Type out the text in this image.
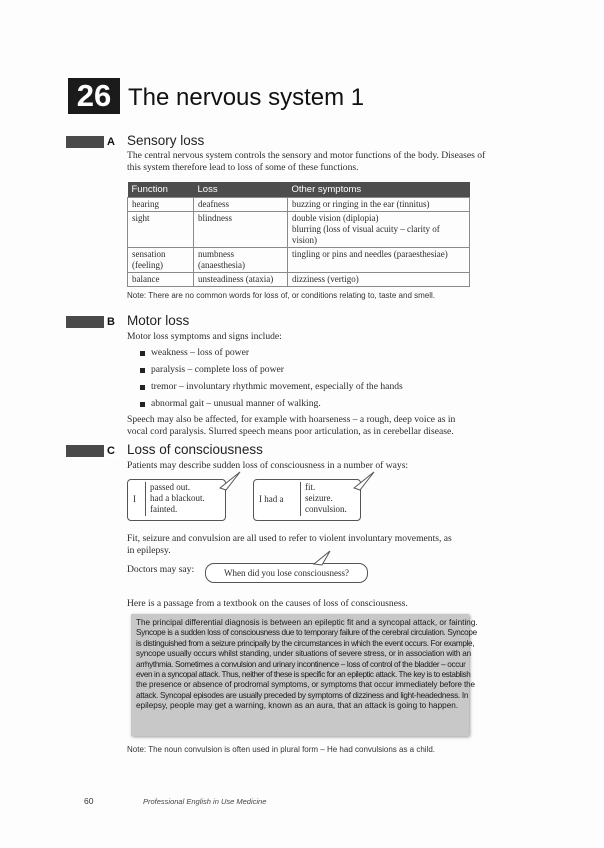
26 The nervous system 1
A Sensory loss
The central nervous system controls the sensory and motor functions of the body. Diseases of
this system therefore lead to loss of some of these functions.
Function	Loss	Other symptoms
hearing	deafness	buzzing or ringing in the ear (tinnitus)
sight	blindness	double vision (diplopia)
blurring (loss of visual acuity – clarity of vision)

sensation (feeling)	numbness (anaesthesia)	tingling or pins and needles (paraesthesiae)
balance	unsteadiness (ataxia)	dizziness (vertigo)
Note: There are no common words for loss of, or conditions relating to, taste and smell.
B Motor loss
Motor loss symptoms and signs include:
weakness – loss of power
paralysis – complete loss of power
tremor – involuntary rhythmic movement, especially of the hands
abnormal gait – unusual manner of walking.
Speech may also be affected, for example with hoarseness – a rough, deep voice as in
vocal cord paralysis. Slurred speech means poor articulation, as in cerebellar disease.
C Loss of consciousness
Patients may describe sudden loss of consciousness in a number of ways:
I
passed out.
had a blackout.
fainted.
I had a
fit.
seizure.
convulsion.
Fit, seizure and convulsion are all used to refer to violent involuntary movements, as
in epilepsy.
Doctors may say:	When did you lose consciousness?
Here is a passage from a textbook on the causes of loss of consciousness.
The principal differential diagnosis is between an epileptic fit and a syncopal attack, or fainting.
Syncope is a sudden loss of consciousness due to temporary failure of the cerebral circulation. Syncope
is distinguished from a seizure principally by the circumstances in which the event occurs. For example,
syncope usually occurs whilst standing, under situations of severe stress, or in association with an
arrhythmia. Sometimes a convulsion and urinary incontinence – loss of control of the bladder – occur
even in a syncopal attack. Thus, neither of these is specific for an epileptic attack. The key is to establish
the presence or absence of prodromal symptoms, or symptoms that occur immediately before the
attack. Syncopal episodes are usually preceded by symptoms of dizziness and light-headedness. In
epilepsy, people may get a warning, known as an aura, that an attack is going to happen.
Note: The noun convulsion is often used in plural form – He had convulsions as a child.
60	Professional English in Use Medicine
